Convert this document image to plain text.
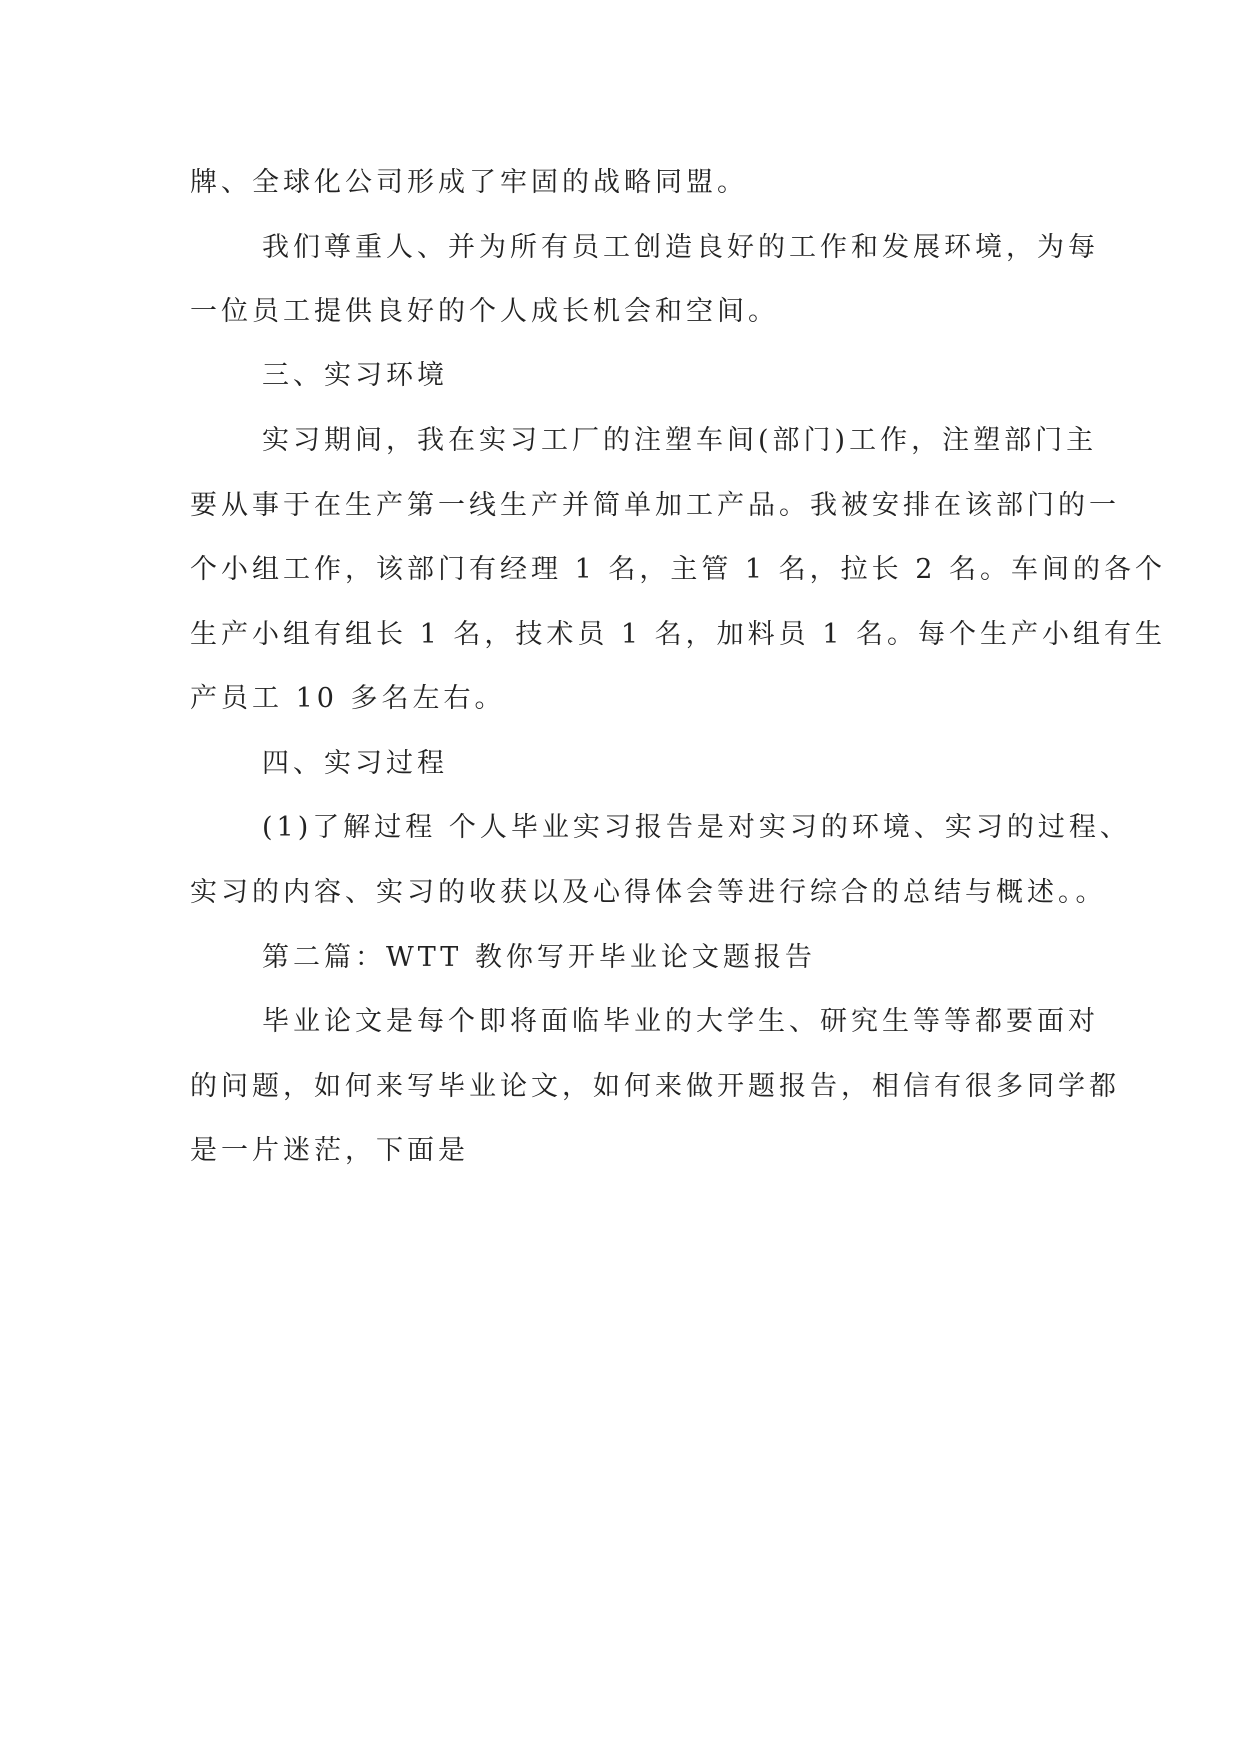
牌、全球化公司形成了牢固的战略同盟。

我们尊重人、并为所有员工创造良好的工作和发展环境，为每

一位员工提供良好的个人成长机会和空间。

三、实习环境

实习期间，我在实习工厂的注塑车间(部门)工作，注塑部门主

要从事于在生产第一线生产并简单加工产品。我被安排在该部门的一

个小组工作，该部门有经理 1 名，主管 1 名，拉长 2 名。车间的各个

生产小组有组长 1 名，技术员 1 名，加料员 1 名。每个生产小组有生

产员工 10 多名左右。

四、实习过程

(1)了解过程 个人毕业实习报告是对实习的环境、实习的过程、

实习的内容、实习的收获以及心得体会等进行综合的总结与概述。。

第二篇：WTT 教你写开毕业论文题报告

毕业论文是每个即将面临毕业的大学生、研究生等等都要面对

的问题，如何来写毕业论文，如何来做开题报告，相信有很多同学都

是一片迷茫，下面是
